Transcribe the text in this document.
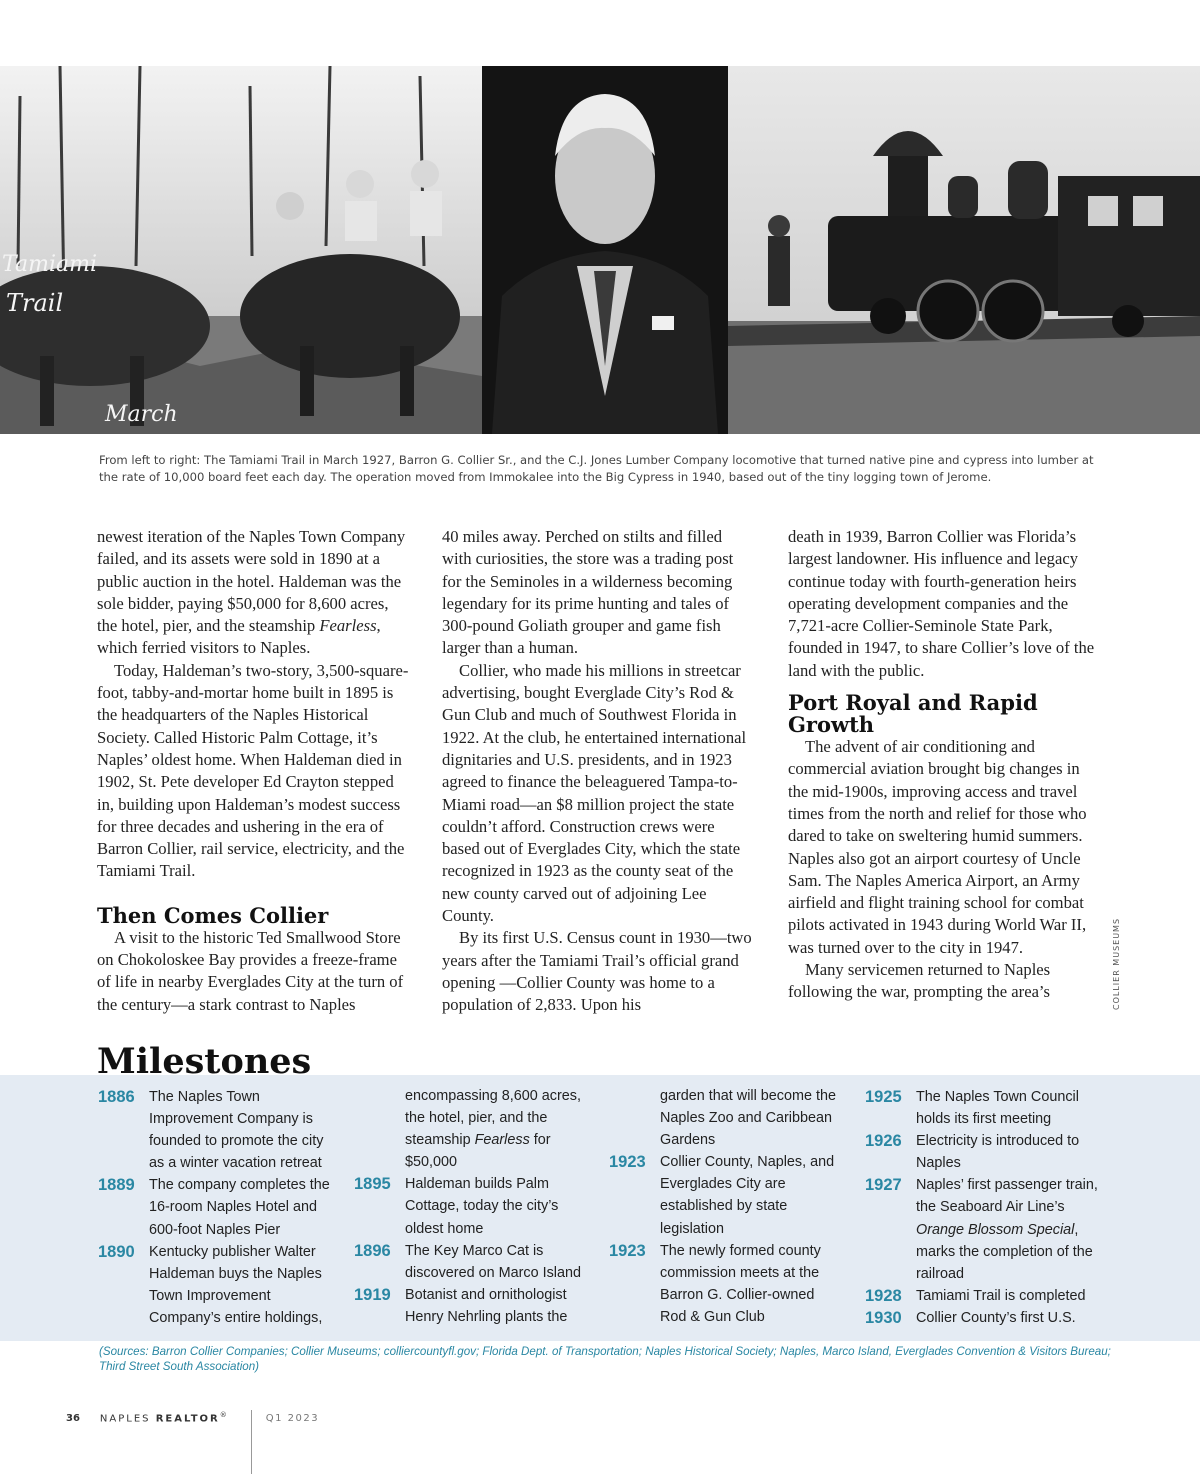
Tamiami
Trail
March
From left to right: The Tamiami Trail in March 1927, Barron G. Collier Sr., and the C.J. Jones Lumber Company locomotive that turned native pine and cypress into lumber at the rate of 10,000 board feet each day. The operation moved from Immokalee into the Big Cypress in 1940, based out of the tiny logging town of Jerome.

newest iteration of the Naples Town Company failed, and its assets were sold in 1890 at a public auction in the hotel. Haldeman was the sole bidder, paying $50,000 for 8,600 acres, the hotel, pier, and the steamship Fearless, which ferried visitors to Naples.

Today, Haldeman’s two-story, 3,500-square-foot, tabby-and-mortar home built in 1895 is the headquarters of the Naples Historical Society. Called Historic Palm Cottage, it’s Naples’ oldest home. When Haldeman died in 1902, St. Pete developer Ed Crayton stepped in, building upon Haldeman’s modest success for three decades and ushering in the era of Barron Collier, rail service, electricity, and the Tamiami Trail.

Then Comes Collier

A visit to the historic Ted Smallwood Store on Chokoloskee Bay provides a freeze-frame of life in nearby Everglades City at the turn of the century—a stark contrast to Naples

40 miles away. Perched on stilts and filled with curiosities, the store was a trading post for the Seminoles in a wilderness becoming legendary for its prime hunting and tales of 300-pound Goliath grouper and game fish larger than a human.

Collier, who made his millions in streetcar advertising, bought Everglade City’s Rod & Gun Club and much of Southwest Florida in 1922. At the club, he entertained international dignitaries and U.S. presidents, and in 1923 agreed to finance the beleaguered Tampa-to-Miami road—an $8 million project the state couldn’t afford. Construction crews were based out of Everglades City, which the state recognized in 1923 as the county seat of the new county carved out of adjoining Lee County.

By its first U.S. Census count in 1930—two years after the Tamiami Trail’s official grand opening —Collier County was home to a population of 2,833. Upon his

death in 1939, Barron Collier was Florida’s largest landowner. His influence and legacy continue today with fourth-generation heirs operating development companies and the 7,721-acre Collier-Seminole State Park, founded in 1947, to share Collier’s love of the land with the public.

Port Royal and Rapid Growth

The advent of air conditioning and commercial aviation brought big changes in the mid-1900s, improving access and travel times from the north and relief for those who dared to take on sweltering humid summers. Naples also got an airport courtesy of Uncle Sam. The Naples America Airport, an Army airfield and flight training school for combat pilots activated in 1943 during World War II, was turned over to the city in 1947.

Many servicemen returned to Naples following the war, prompting the area’s	COLLIER MUSEUMS
Milestones
1886 The Naples Town Improvement Company is founded to promote the city as a winter vacation retreat
1889 The company completes the 16-room Naples Hotel and 600-foot Naples Pier
1890 Kentucky publisher Walter Haldeman buys the Naples Town Improvement Company’s entire holdings,
encompassing 8,600 acres, the hotel, pier, and the steamship Fearless for $50,000
1895 Haldeman builds Palm Cottage, today the city’s oldest home
1896 The Key Marco Cat is discovered on Marco Island
1919 Botanist and ornithologist Henry Nehrling plants the
garden that will become the Naples Zoo and Caribbean Gardens
1923 Collier County, Naples, and Everglades City are established by state legislation
1923 The newly formed county commission meets at the Barron G. Collier-owned Rod & Gun Club
1925 The Naples Town Council holds its first meeting
1926 Electricity is introduced to Naples
1927 Naples’ first passenger train, the Seaboard Air Line’s Orange Blossom Special, marks the completion of the railroad
1928 Tamiami Trail is completed
1930 Collier County’s first U.S.
(Sources: Barron Collier Companies; Collier Museums; colliercountyfl.gov; Florida Dept. of Transportation; Naples Historical Society; Naples, Marco Island, Everglades Convention & Visitors Bureau; Third Street South Association)
36 NAPLES REALTOR®	Q1 2023
